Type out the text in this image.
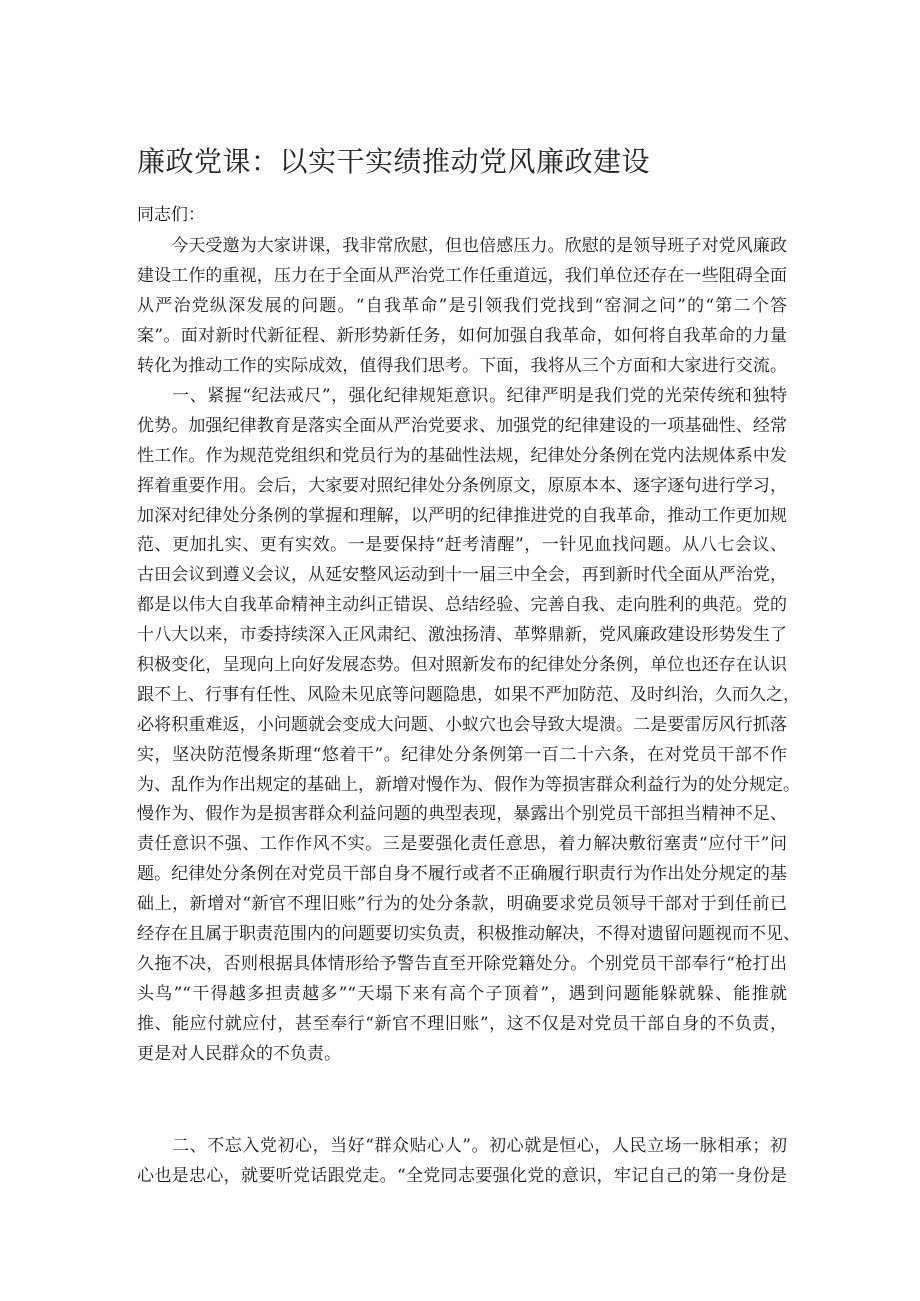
廉政党课：以实干实绩推动党风廉政建设
同志们：
　　今天受邀为大家讲课，我非常欣慰，但也倍感压力。欣慰的是领导班子对党风廉政
建设工作的重视，压力在于全面从严治党工作任重道远，我们单位还存在一些阻碍全面
从严治党纵深发展的问题。“自我革命”是引领我们党找到“窑洞之问”的“第二个答
案”。面对新时代新征程、新形势新任务，如何加强自我革命，如何将自我革命的力量
转化为推动工作的实际成效，值得我们思考。下面，我将从三个方面和大家进行交流。
　　一、紧握“纪法戒尺”，强化纪律规矩意识。纪律严明是我们党的光荣传统和独特
优势。加强纪律教育是落实全面从严治党要求、加强党的纪律建设的一项基础性、经常
性工作。作为规范党组织和党员行为的基础性法规，纪律处分条例在党内法规体系中发
挥着重要作用。会后，大家要对照纪律处分条例原文，原原本本、逐字逐句进行学习，
加深对纪律处分条例的掌握和理解，以严明的纪律推进党的自我革命，推动工作更加规
范、更加扎实、更有实效。一是要保持“赶考清醒”，一针见血找问题。从八七会议、
古田会议到遵义会议，从延安整风运动到十一届三中全会，再到新时代全面从严治党，
都是以伟大自我革命精神主动纠正错误、总结经验、完善自我、走向胜利的典范。党的
十八大以来，市委持续深入正风肃纪、激浊扬清、革弊鼎新，党风廉政建设形势发生了
积极变化，呈现向上向好发展态势。但对照新发布的纪律处分条例，单位也还存在认识
跟不上、行事有任性、风险未见底等问题隐患，如果不严加防范、及时纠治，久而久之，
必将积重难返，小问题就会变成大问题、小蚁穴也会导致大堤溃。二是要雷厉风行抓落
实，坚决防范慢条斯理“悠着干”。纪律处分条例第一百二十六条，在对党员干部不作
为、乱作为作出规定的基础上，新增对慢作为、假作为等损害群众利益行为的处分规定。
慢作为、假作为是损害群众利益问题的典型表现，暴露出个别党员干部担当精神不足、
责任意识不强、工作作风不实。三是要强化责任意思，着力解决敷衍塞责“应付干”问
题。纪律处分条例在对党员干部自身不履行或者不正确履行职责行为作出处分规定的基
础上，新增对“新官不理旧账”行为的处分条款，明确要求党员领导干部对于到任前已
经存在且属于职责范围内的问题要切实负责，积极推动解决，不得对遗留问题视而不见、
久拖不决，否则根据具体情形给予警告直至开除党籍处分。个别党员干部奉行“枪打出
头鸟”“干得越多担责越多”“天塌下来有高个子顶着”，遇到问题能躲就躲、能推就
推、能应付就应付，甚至奉行“新官不理旧账”，这不仅是对党员干部自身的不负责，
更是对人民群众的不负责。
　　二、不忘入党初心，当好“群众贴心人”。初心就是恒心，人民立场一脉相承；初
心也是忠心，就要听党话跟党走。“全党同志要强化党的意识，牢记自己的第一身份是
